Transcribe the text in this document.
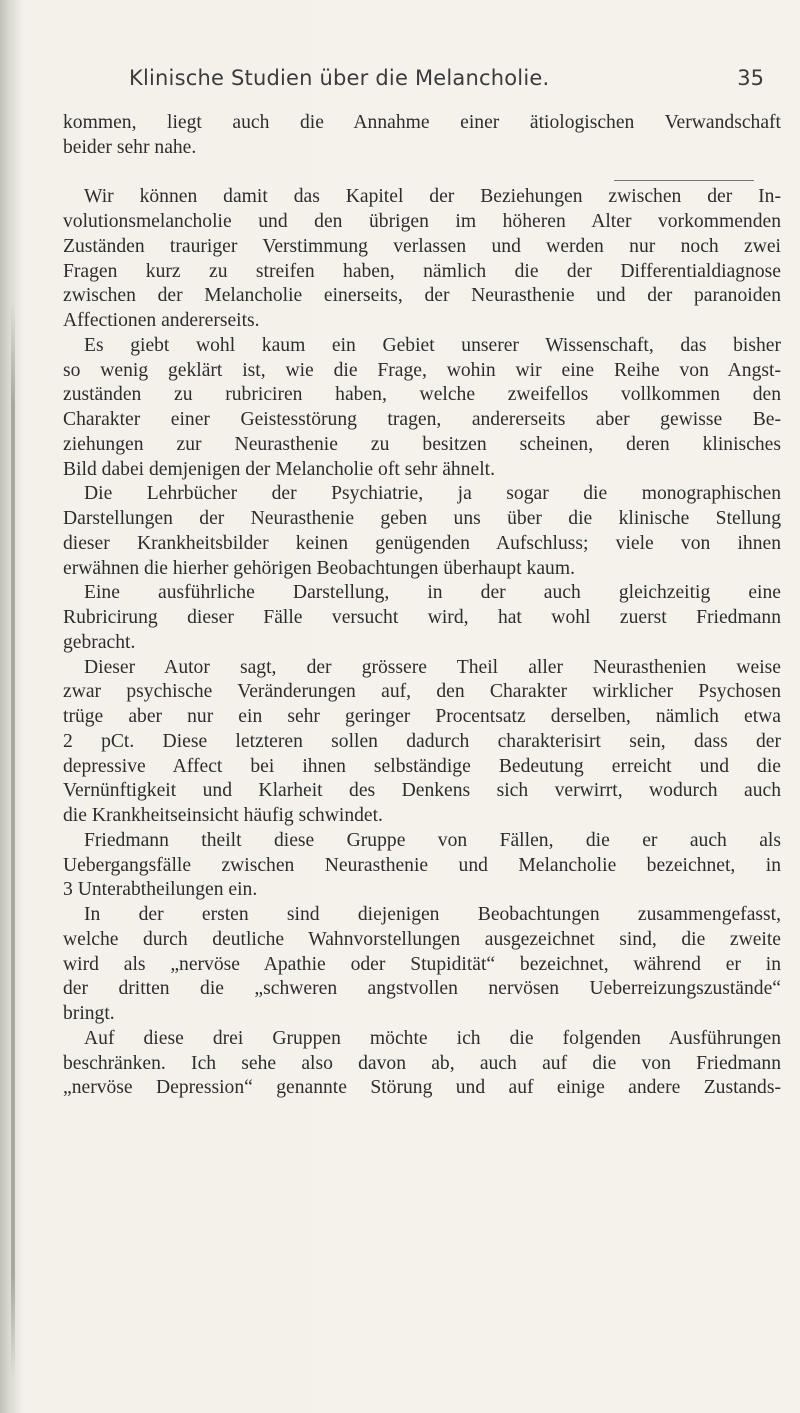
Klinische Studien über die Melancholie.	35
kommen, liegt auch die Annahme einer ätiologischen Verwandschaft
beider sehr nahe.
Wir können damit das Kapitel der Beziehungen zwischen der In-
volutionsmelancholie und den übrigen im höheren Alter vorkommenden
Zuständen trauriger Verstimmung verlassen und werden nur noch zwei
Fragen kurz zu streifen haben, nämlich die der Differentialdiagnose
zwischen der Melancholie einerseits, der Neurasthenie und der paranoiden
Affectionen andererseits.
Es giebt wohl kaum ein Gebiet unserer Wissenschaft, das bisher
so wenig geklärt ist, wie die Frage, wohin wir eine Reihe von Angst-
zuständen zu rubriciren haben, welche zweifellos vollkommen den
Charakter einer Geistesstörung tragen, andererseits aber gewisse Be-
ziehungen zur Neurasthenie zu besitzen scheinen, deren klinisches
Bild dabei demjenigen der Melancholie oft sehr ähnelt.
Die Lehrbücher der Psychiatrie, ja sogar die monographischen
Darstellungen der Neurasthenie geben uns über die klinische Stellung
dieser Krankheitsbilder keinen genügenden Aufschluss; viele von ihnen
erwähnen die hierher gehörigen Beobachtungen überhaupt kaum.
Eine ausführliche Darstellung, in der auch gleichzeitig eine
Rubricirung dieser Fälle versucht wird, hat wohl zuerst Friedmann
gebracht.
Dieser Autor sagt, der grössere Theil aller Neurasthenien weise
zwar psychische Veränderungen auf, den Charakter wirklicher Psychosen
trüge aber nur ein sehr geringer Procentsatz derselben, nämlich etwa
2 pCt. Diese letzteren sollen dadurch charakterisirt sein, dass der
depressive Affect bei ihnen selbständige Bedeutung erreicht und die
Vernünftigkeit und Klarheit des Denkens sich verwirrt, wodurch auch
die Krankheitseinsicht häufig schwindet.
Friedmann theilt diese Gruppe von Fällen, die er auch als
Uebergangsfälle zwischen Neurasthenie und Melancholie bezeichnet, in
3 Unterabtheilungen ein.
In der ersten sind diejenigen Beobachtungen zusammengefasst,
welche durch deutliche Wahnvorstellungen ausgezeichnet sind, die zweite
wird als „nervöse Apathie oder Stupidität“ bezeichnet, während er in
der dritten die „schweren angstvollen nervösen Ueberreizungszustände“
bringt.
Auf diese drei Gruppen möchte ich die folgenden Ausführungen
beschränken. Ich sehe also davon ab, auch auf die von Friedmann
„nervöse Depression“ genannte Störung und auf einige andere Zustands-
